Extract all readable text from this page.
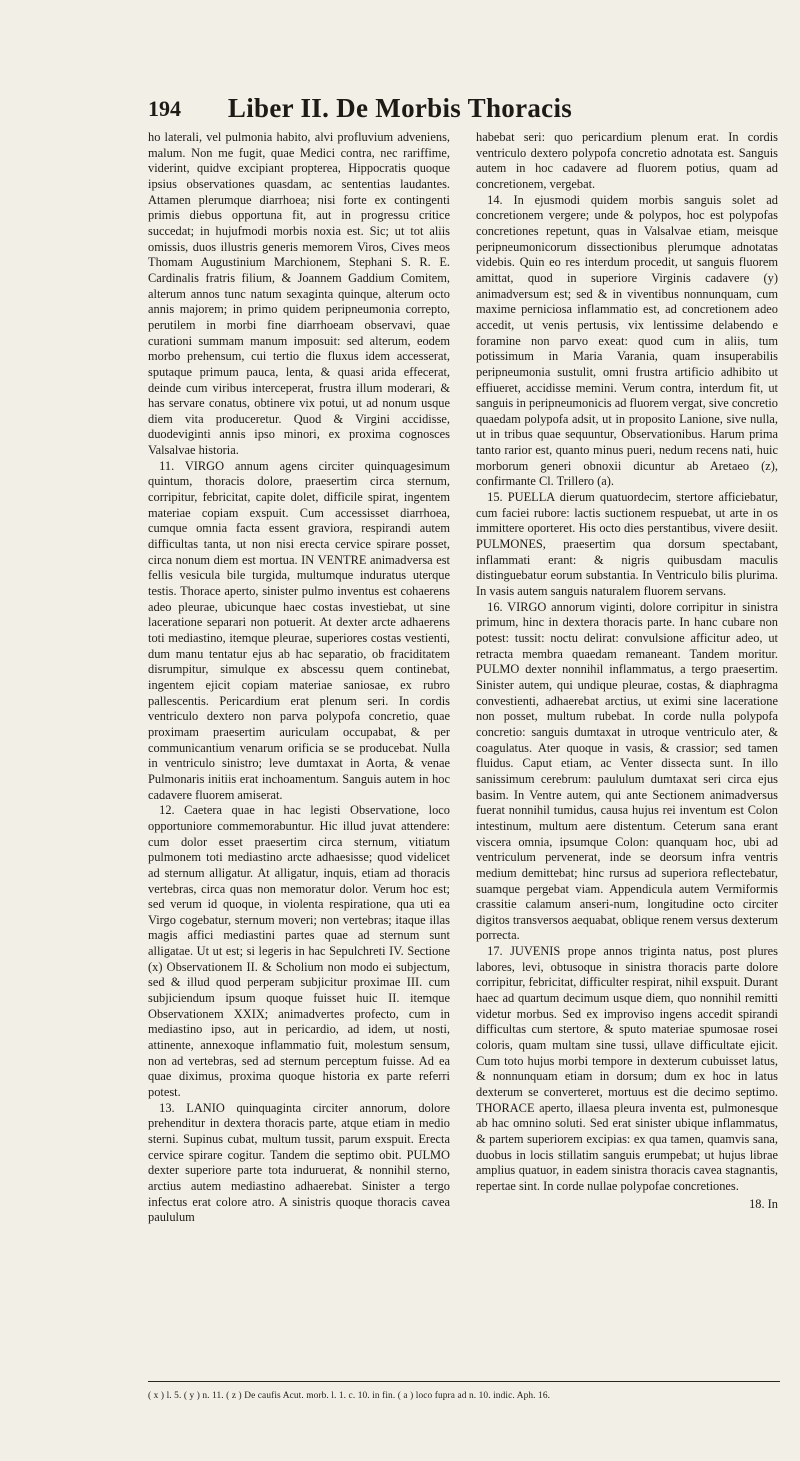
194	Liber II. De Morbis Thoracis

ho laterali, vel pulmonia habito, alvi profluvium adveniens, malum. Non me fugit, quae Medici contra, nec rariffime, viderint, quidve excipiant propterea, Hippocratis quoque ipsius observationes quasdam, ac sententias laudantes. Attamen plerumque diarrhoea; nisi forte ex contingenti primis diebus opportuna fit, aut in progressu critice succedat; in hujufmodi morbis noxia est. Sic; ut tot aliis omissis, duos illustris generis memorem Viros, Cives meos Thomam Augustinium Marchionem, Stephani S. R. E. Cardinalis fratris filium, & Joannem Gaddium Comitem, alterum annos tunc natum sexaginta quinque, alterum octo annis majorem; in primo quidem peripneumonia correpto, perutilem in morbi fine diarrhoeam observavi, quae curationi summam manum imposuit: sed alterum, eodem morbo prehensum, cui tertio die fluxus idem accesserat, sputaque primum pauca, lenta, & quasi arida effecerat, deinde cum viribus interceperat, frustra illum moderari, & has servare conatus, obtinere vix potui, ut ad nonum usque diem vita produceretur. Quod & Virgini accidisse, duodeviginti annis ipso minori, ex proxima cognosces Valsalvae historia.

11. VIRGO annum agens circiter quinquagesimum quintum, thoracis dolore, praesertim circa sternum, corripitur, febricitat, capite dolet, difficile spirat, ingentem materiae copiam exspuit. Cum accessisset diarrhoea, cumque omnia facta essent graviora, respirandi autem difficultas tanta, ut non nisi erecta cervice spirare posset, circa nonum diem est mortua. IN VENTRE animadversa est fellis vesicula bile turgida, multumque induratus uterque testis. Thorace aperto, sinister pulmo inventus est cohaerens adeo pleurae, ubicunque haec costas investiebat, ut sine laceratione separari non potuerit. At dexter arcte adhaerens toti mediastino, itemque pleurae, superiores costas vestienti, dum manu tentatur ejus ab hac separatio, ob fraciditatem disrumpitur, simulque ex abscessu quem continebat, ingentem ejicit copiam materiae saniosae, ex rubro pallescentis. Pericardium erat plenum seri. In cordis ventriculo dextero non parva polypofa concretio, quae proximam praesertim auriculam occupabat, & per communicantium venarum orificia se se producebat. Nulla in ventriculo sinistro; leve dumtaxat in Aorta, & venae Pulmonaris initiis erat inchoamentum. Sanguis autem in hoc cadavere fluorem amiserat.

12. Caetera quae in hac legisti Observatione, loco opportuniore commemorabuntur. Hic illud juvat attendere: cum dolor esset praesertim circa sternum, vitiatum pulmonem toti mediastino arcte adhaesisse; quod videlicet ad sternum alligatur. At alligatur, inquis, etiam ad thoracis vertebras, circa quas non memoratur dolor. Verum hoc est; sed verum id quoque, in violenta respiratione, qua uti ea Virgo cogebatur, sternum moveri; non vertebras; itaque illas magis affici mediastini partes quae ad sternum sunt alligatae. Ut ut est; si legeris in hac Sepulchreti IV. Sectione (x) Observationem II. & Scholium non modo ei subjectum, sed & illud quod perperam subjicitur proximae III. cum subjiciendum ipsum quoque fuisset huic II. itemque Observationem XXIX; animadvertes profecto, cum in mediastino ipso, aut in pericardio, ad idem, ut nosti, attinente, annexoque inflammatio fuit, molestum sensum, non ad vertebras, sed ad sternum perceptum fuisse. Ad ea quae diximus, proxima quoque historia ex parte referri potest.

13. LANIO quinquaginta circiter annorum, dolore prehenditur in dextera thoracis parte, atque etiam in medio sterni. Supinus cubat, multum tussit, parum exspuit. Erecta cervice spirare cogitur. Tandem die septimo obit. PULMO dexter superiore parte tota induruerat, & nonnihil sterno, arctius autem mediastino adhaerebat. Sinister a tergo infectus erat colore atro. A sinistris quoque thoracis cavea paululum

habebat seri: quo pericardium plenum erat. In cordis ventriculo dextero polypofa concretio adnotata est. Sanguis autem in hoc cadavere ad fluorem potius, quam ad concretionem, vergebat.

14. In ejusmodi quidem morbis sanguis solet ad concretionem vergere; unde & polypos, hoc est polypofas concretiones repetunt, quas in Valsalvae etiam, meisque peripneumonicorum dissectionibus plerumque adnotatas videbis. Quin eo res interdum procedit, ut sanguis fluorem amittat, quod in superiore Virginis cadavere (y) animadversum est; sed & in viventibus nonnunquam, cum maxime perniciosa inflammatio est, ad concretionem adeo accedit, ut venis pertusis, vix lentissime delabendo e foramine non parvo exeat: quod cum in aliis, tum potissimum in Maria Varania, quam insuperabilis peripneumonia sustulit, omni frustra artificio adhibito ut effiueret, accidisse memini. Verum contra, interdum fit, ut sanguis in peripneumonicis ad fluorem vergat, sive concretio quaedam polypofa adsit, ut in proposito Lanione, sive nulla, ut in tribus quae sequuntur, Observationibus. Harum prima tanto rarior est, quanto minus pueri, nedum recens nati, huic morborum generi obnoxii dicuntur ab Aretaeo (z), confirmante Cl. Trillero (a).

15. PUELLA dierum quatuordecim, stertore afficiebatur, cum faciei rubore: lactis suctionem respuebat, ut arte in os immittere oporteret. His octo dies perstantibus, vivere desiit. PULMONES, praesertim qua dorsum spectabant, inflammati erant: & nigris quibusdam maculis distinguebatur eorum substantia. In Ventriculo bilis plurima. In vasis autem sanguis naturalem fluorem servans.

16. VIRGO annorum viginti, dolore corripitur in sinistra primum, hinc in dextera thoracis parte. In hanc cubare non potest: tussit: noctu delirat: convulsione afficitur adeo, ut retracta membra quaedam remaneant. Tandem moritur. PULMO dexter nonnihil inflammatus, a tergo praesertim. Sinister autem, qui undique pleurae, costas, & diaphragma convestienti, adhaerebat arctius, ut eximi sine laceratione non posset, multum rubebat. In corde nulla polypofa concretio: sanguis dumtaxat in utroque ventriculo ater, & coagulatus. Ater quoque in vasis, & crassior; sed tamen fluidus. Caput etiam, ac Venter dissecta sunt. In illo sanissimum cerebrum: paululum dumtaxat seri circa ejus basim. In Ventre autem, qui ante Sectionem animadversus fuerat nonnihil tumidus, causa hujus rei inventum est Colon intestinum, multum aere distentum. Ceterum sana erant viscera omnia, ipsumque Colon: quanquam hoc, ubi ad ventriculum pervenerat, inde se deorsum infra ventris medium demittebat; hinc rursus ad superiora reflectebatur, suamque pergebat viam. Appendicula autem Vermiformis crassitie calamum anseri-num, longitudine octo circiter digitos transversos aequabat, oblique renem versus dexterum porrecta.

17. JUVENIS prope annos triginta natus, post plures labores, levi, obtusoque in sinistra thoracis parte dolore corripitur, febricitat, difficulter respirat, nihil exspuit. Durant haec ad quartum decimum usque diem, quo nonnihil remitti videtur morbus. Sed ex improviso ingens accedit spirandi difficultas cum stertore, & sputo materiae spumosae rosei coloris, quam multam sine tussi, ullave difficultate ejicit. Cum toto hujus morbi tempore in dexterum cubuisset latus, & nonnunquam etiam in dorsum; dum ex hoc in latus dexterum se converteret, mortuus est die decimo septimo. THORACE aperto, illaesa pleura inventa est, pulmonesque ab hac omnino soluti. Sed erat sinister ubique inflammatus, & partem superiorem excipias: ex qua tamen, quamvis sana, duobus in locis stillatim sanguis erumpebat; ut hujus librae amplius quatuor, in eadem sinistra thoracis cavea stagnantis, repertae sint. In corde nullae polypofae concretiones.

18. In
( x ) l. 5. ( y ) n. 11. ( z ) De caufis Acut. morb. l. 1. c. 10. in fin. ( a ) loco fupra ad n. 10. indic. Aph. 16.
